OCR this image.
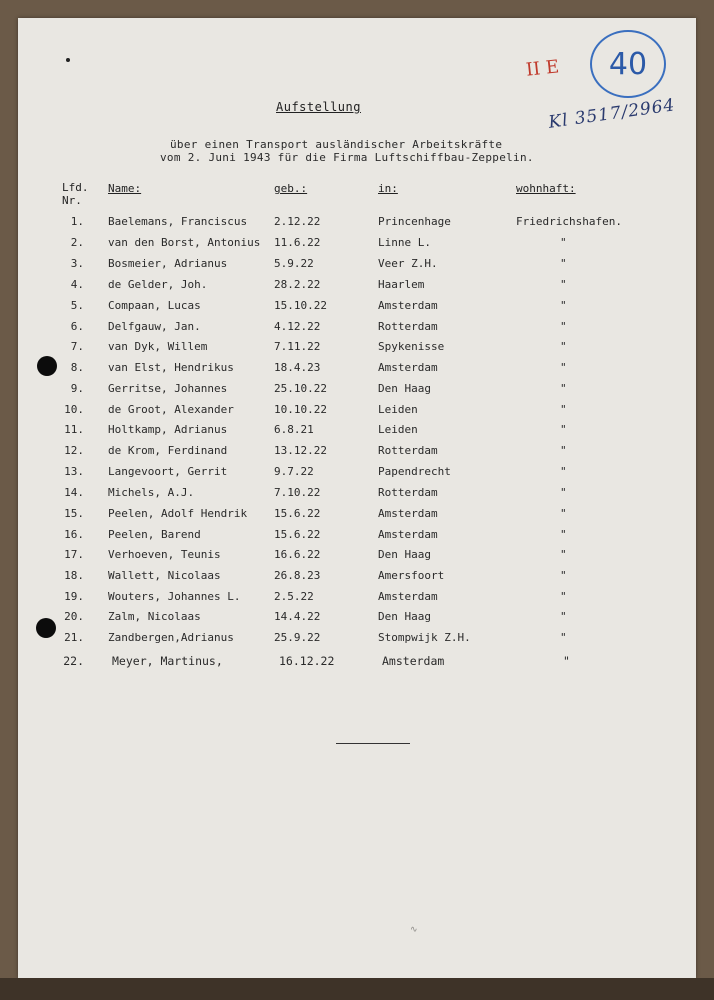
II E 40
Kl 3517/2964
Aufstellung
über einen Transport ausländischer Arbeitskräfte
vom 2. Juni 1943 für die Firma Luftschiffbau-Zeppelin.
Lfd.
Nr.
Name:	geb.:	in:	wohnhaft:
1. Baelemans, Franciscus 2.12.22	Princenhage	Friedrichshafen.
2. van den Borst, Antonius 11.6.22	Linne L.	"
3. Bosmeier, Adrianus	5.9.22	Veer Z.H.	"
4. de Gelder, Joh.	28.2.22	Haarlem	"
5. Compaan, Lucas	15.10.22	Amsterdam	"
6. Delfgauw, Jan.	4.12.22	Rotterdam	"
7. van Dyk, Willem	7.11.22	Spykenisse	"
8. van Elst, Hendrikus	18.4.23	Amsterdam	"
9. Gerritse, Johannes	25.10.22	Den Haag	"
10. de Groot, Alexander	10.10.22	Leiden	"
11. Holtkamp, Adrianus	6.8.21	Leiden	"
12. de Krom, Ferdinand	13.12.22	Rotterdam	"
13. Langevoort, Gerrit	9.7.22	Papendrecht	"
14. Michels, A.J.	7.10.22	Rotterdam	"
15. Peelen, Adolf Hendrik 15.6.22	Amsterdam	"
16. Peelen, Barend	15.6.22	Amsterdam	"
17. Verhoeven, Teunis	16.6.22	Den Haag	"
18. Wallett, Nicolaas	26.8.23	Amersfoort	"
19. Wouters, Johannes L.	2.5.22	Amsterdam	"
20. Zalm, Nicolaas	14.4.22	Den Haag	"
21. Zandbergen,Adrianus	25.9.22	Stompwijk Z.H.	"
22. Meyer, Martinus,	16.12.22	Amsterdam	"
∿
